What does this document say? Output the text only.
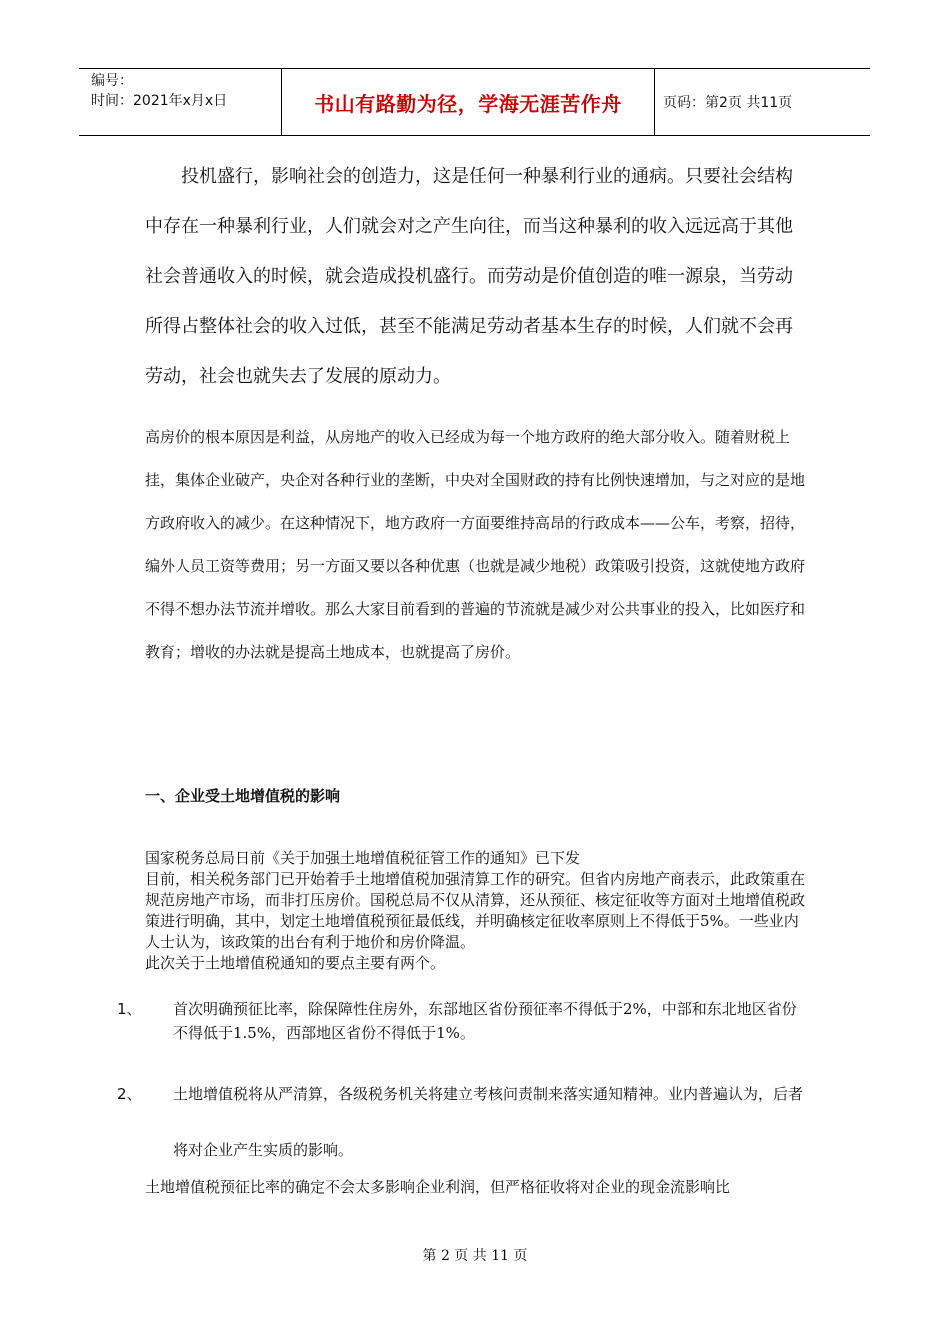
编号：
时间：2021年x月x日	书山有路勤为径，学海无涯苦作舟	页码：第2页 共11页

投机盛行，影响社会的创造力，这是任何一种暴利行业的通病。只要社会结构中存在一种暴利行业，人们就会对之产生向往，而当这种暴利的收入远远高于其他社会普通收入的时候，就会造成投机盛行。而劳动是价值创造的唯一源泉，当劳动所得占整体社会的收入过低，甚至不能满足劳动者基本生存的时候，人们就不会再劳动，社会也就失去了发展的原动力。

高房价的根本原因是利益，从房地产的收入已经成为每一个地方政府的绝大部分收入。随着财税上挂，集体企业破产，央企对各种行业的垄断，中央对全国财政的持有比例快速增加，与之对应的是地方政府收入的减少。在这种情况下，地方政府一方面要维持高昂的行政成本——公车，考察，招待，编外人员工资等费用；另一方面又要以各种优惠（也就是减少地税）政策吸引投资，这就使地方政府不得不想办法节流并增收。那么大家目前看到的普遍的节流就是减少对公共事业的投入，比如医疗和教育；增收的办法就是提高土地成本，也就提高了房价。

一、企业受土地增值税的影响

国家税务总局日前《关于加强土地增值税征管工作的通知》已下发

目前，相关税务部门已开始着手土地增值税加强清算工作的研究。但省内房地产商表示，此政策重在规范房地产市场，而非打压房价。国税总局不仅从清算，还从预征、核定征收等方面对土地增值税政策进行明确，其中，划定土地增值税预征最低线，并明确核定征收率原则上不得低于5%。一些业内人士认为，该政策的出台有利于地价和房价降温。

此次关于土地增值税通知的要点主要有两个。

1、 首次明确预征比率，除保障性住房外，东部地区省份预征率不得低于2%，中部和东北地区省份不得低于1.5%，西部地区省份不得低于1%。
2、 土地增值税将从严清算，各级税务机关将建立考核问责制来落实通知精神。业内普遍认为，后者将对企业产生实质的影响。

土地增值税预征比率的确定不会太多影响企业利润，但严格征收将对企业的现金流影响比

第 2 页 共 11 页
